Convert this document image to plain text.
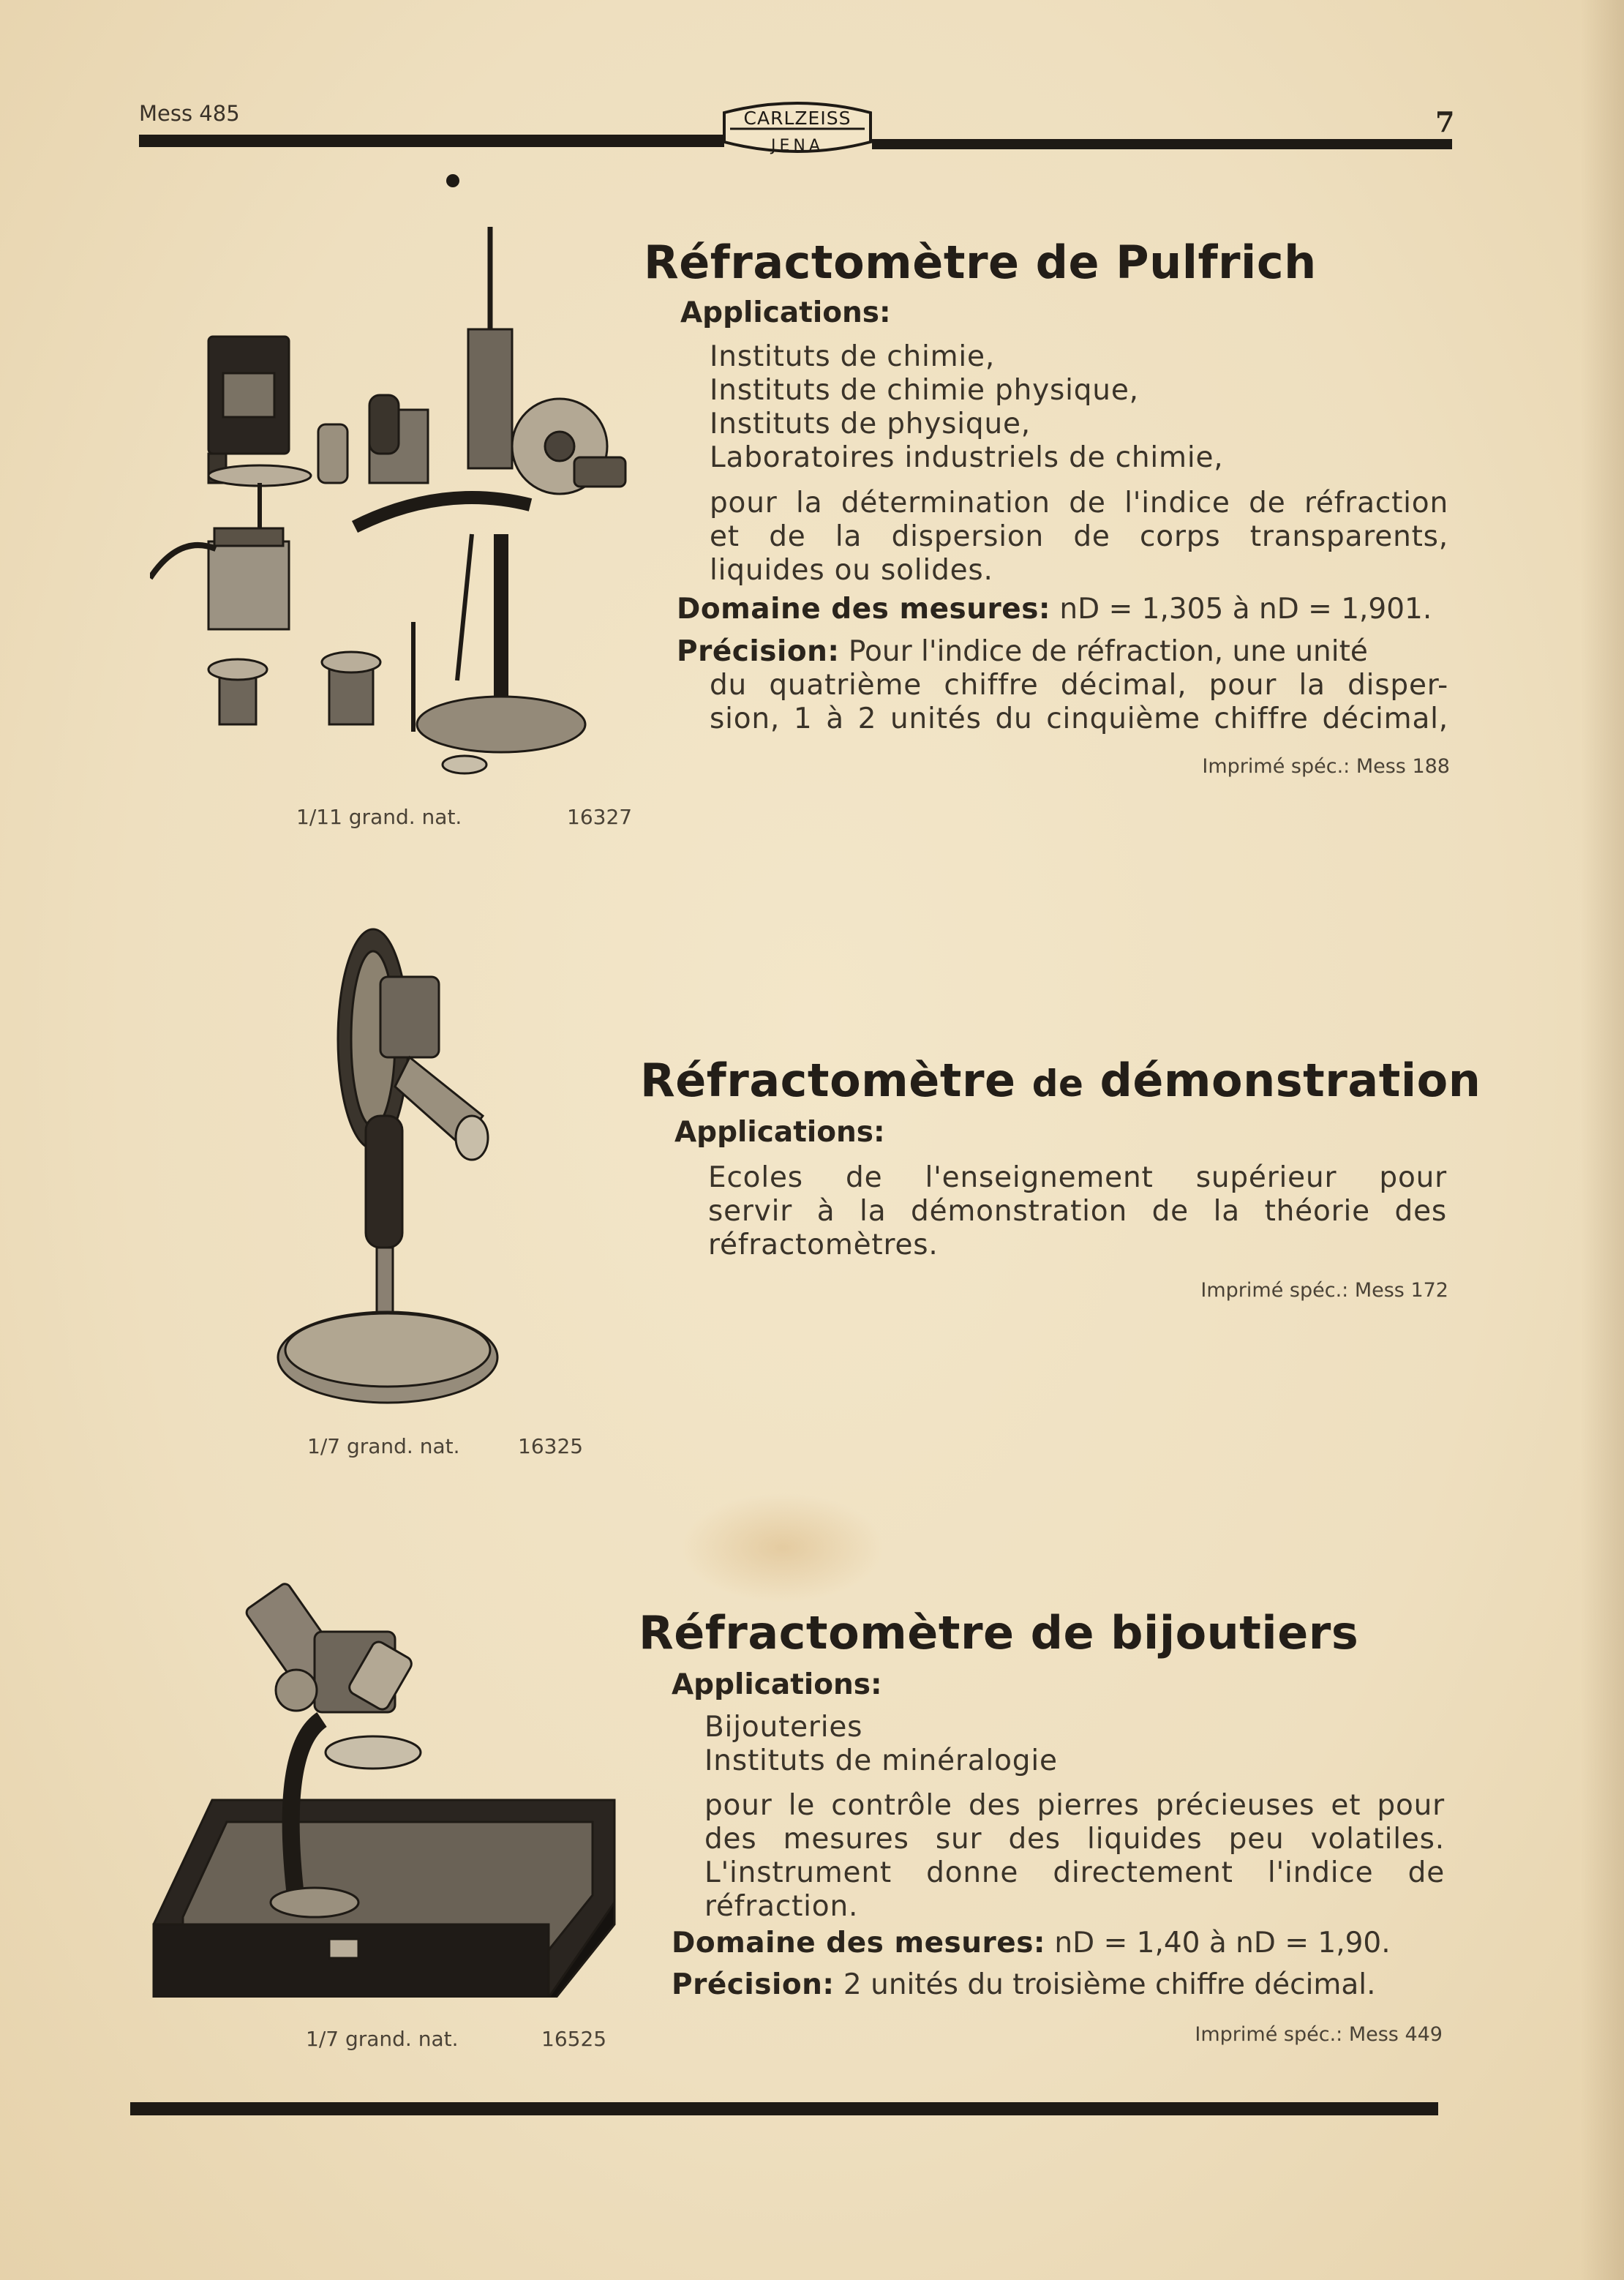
Mess 485	7
CARLZEISS
JENA
Réfractomètre de Pulfrich
Applications:
Instituts de chimie,
Instituts de chimie physique,
Instituts de physique,
Laboratoires industriels de chimie,
pour la détermination de l'indice de réfraction
et de la dispersion de corps transparents,
liquides ou solides.
Domaine des mesures: nD = 1,305 à nD = 1,901.
Précision: Pour l'indice de réfraction, une unité
du quatrième chiffre décimal, pour la disper-
sion, 1 à 2 unités du cinquième chiffre décimal,
Imprimé spéc.: Mess 188
1/11 grand. nat.	16327
Réfractomètre de démonstration
Applications:
Ecoles de l'enseignement supérieur pour
servir à la démonstration de la théorie des
réfractomètres.
Imprimé spéc.: Mess 172
1/7 grand. nat.	16325
Réfractomètre de bijoutiers
Applications:
Bijouteries
Instituts de minéralogie
pour le contrôle des pierres précieuses et pour
des mesures sur des liquides peu volatiles.
L'instrument donne directement l'indice de
réfraction.
Domaine des mesures: nD = 1,40 à nD = 1,90.
Précision: 2 unités du troisième chiffre décimal.
Imprimé spéc.: Mess 449
1/7 grand. nat.	16525
